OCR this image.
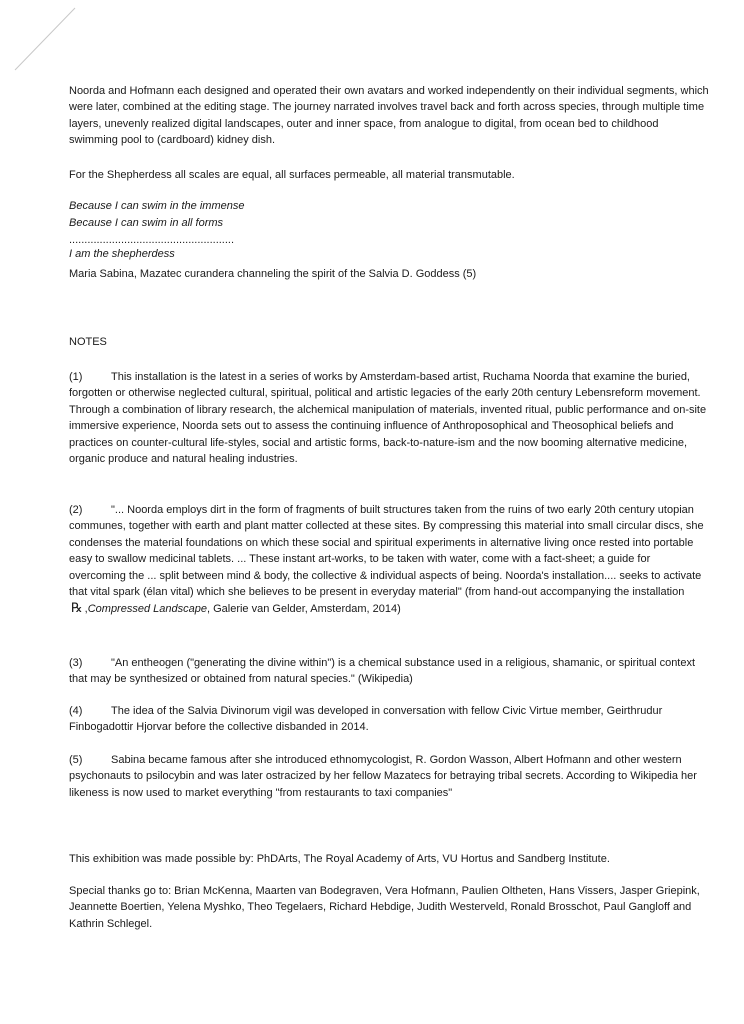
Noorda and Hofmann each designed and operated their own avatars and worked independently on their individual segments, which were later, combined at the editing stage. The journey narrated involves travel back and forth across species, through multiple time layers, unevenly realized digital landscapes, outer and inner space, from analogue to digital, from ocean bed to childhood swimming pool to (cardboard) kidney dish.

For the Shepherdess all scales are equal, all surfaces permeable, all material transmutable.

Because I can swim in the immense

Because I can swim in all forms

......................................................

I am the shepherdess

Maria Sabina, Mazatec curandera channeling the spirit of the Salvia D. Goddess (5)

NOTES
(1)	This installation is the latest in a series of works by Amsterdam-based artist, Ruchama Noorda that examine the buried, forgotten or otherwise neglected cultural, spiritual, political and artistic legacies of the early 20th century Lebensreform movement. Through a combination of library research, the alchemical manipulation of materials, invented ritual, public performance and on-site immersive experience, Noorda sets out to assess the continuing influence of Anthroposophical and Theosophical beliefs and practices on counter-cultural life-styles, social and artistic forms, back-to-nature-ism and the now booming alternative medicine, organic produce and natural healing industries.

(2)	"... Noorda employs dirt in the form of fragments of built structures taken from the ruins of two early 20th century utopian communes, together with earth and plant matter collected at these sites. By compressing this material into small circular discs, she condenses the material foundations on which these social and spiritual experiments in alternative living once rested into portable easy to swallow medicinal tablets. ... These instant art-works, to be taken with water, come with a fact-sheet; a guide for overcoming the ... split between mind & body, the collective & individual aspects of being. Noorda's installation.... seeks to activate that vital spark (élan vital) which she believes to be present in everyday material" (from hand-out accompanying the installation ℞ ,Compressed Landscape, Galerie van Gelder, Amsterdam, 2014)

(3)	"An entheogen ("generating the divine within") is a chemical substance used in a religious, shamanic, or spiritual context that may be synthesized or obtained from natural species." (Wikipedia)

(4)	The idea of the Salvia Divinorum vigil was developed in conversation with fellow Civic Virtue member, Geirthrudur Finbogadottir Hjorvar before the collective disbanded in 2014.

(5)	Sabina became famous after she introduced ethnomycologist, R. Gordon Wasson, Albert Hofmann and other western psychonauts to psilocybin and was later ostracized by her fellow Mazatecs for betraying tribal secrets. According to Wikipedia her likeness is now used to market everything "from restaurants to taxi companies"

This exhibition was made possible by: PhDArts, The Royal Academy of Arts, VU Hortus and Sandberg Institute.

Special thanks go to: Brian McKenna, Maarten van Bodegraven, Vera Hofmann, Paulien Oltheten, Hans Vissers, Jasper Griepink, Jeannette Boertien, Yelena Myshko, Theo Tegelaers, Richard Hebdige, Judith Westerveld, Ronald Brosschot, Paul Gangloff and Kathrin Schlegel.
